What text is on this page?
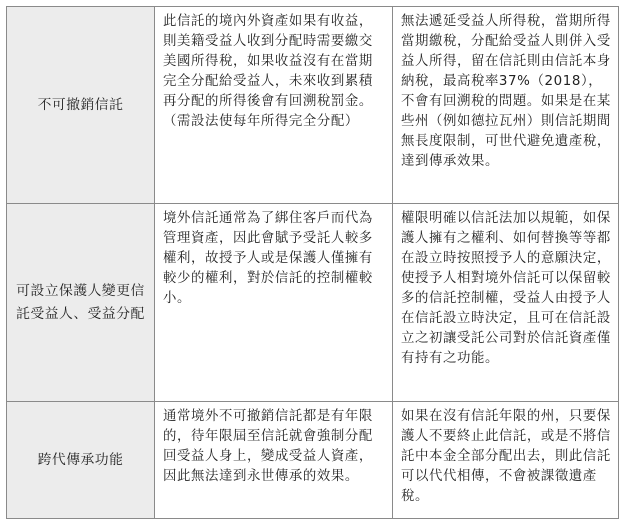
不可撤銷信託	此信託的境內外資產如果有收益，則美籍受益人收到分配時需要繳交美國所得稅，如果收益沒有在當期完全分配給受益人，未來收到累積再分配的所得後會有回溯稅罰金。（需設法使每年所得完全分配）	無法遞延受益人所得稅，當期所得當期繳稅，分配給受益人則併入受益人所得，留在信託則由信託本身納稅，最高稅率37%（2018），不會有回溯稅的問題。如果是在某些州（例如德拉瓦州）則信託期間無長度限制，可世代避免遺產稅，達到傳承效果。

可設立保護人變更信託受益人、受益分配	境外信託通常為了綁住客戶而代為管理資產，因此會賦予受託人較多權利，故授予人或是保護人僅擁有較少的權利，對於信託的控制權較小。	權限明確以信託法加以規範，如保護人擁有之權利、如何替換等等都在設立時按照授予人的意願決定，使授予人相對境外信託可以保留較多的信託控制權，受益人由授予人在信託設立時決定，且可在信託設立之初讓受託公司對於信託資產僅有持有之功能。

跨代傳承功能	通常境外不可撤銷信託都是有年限的，待年限屆至信託就會強制分配回受益人身上，變成受益人資產，因此無法達到永世傳承的效果。	如果在沒有信託年限的州，只要保護人不要終止此信託，或是不將信託中本金全部分配出去，則此信託可以代代相傳，不會被課徵遺產稅。
